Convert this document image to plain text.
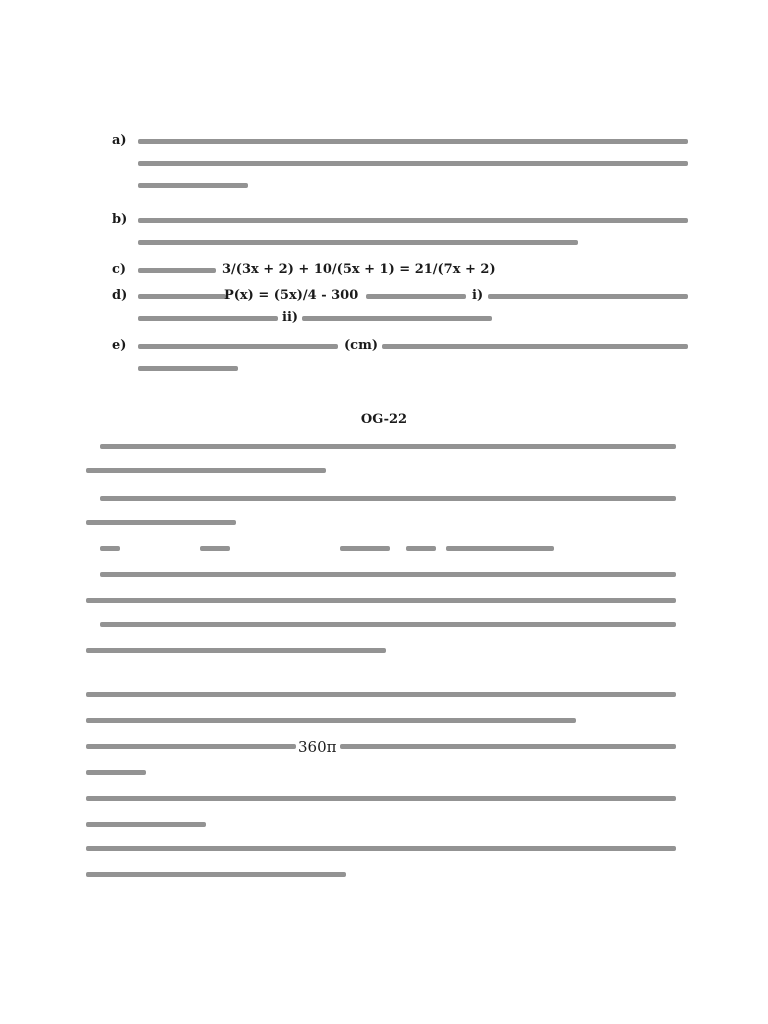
a)
b)
c)	3/(3x + 2) + 10/(5x + 1) = 21/(7x + 2)
d)	P(x) = (5x)/4 - 300	i)
ii)
e)	(cm)
OG-22
360π
